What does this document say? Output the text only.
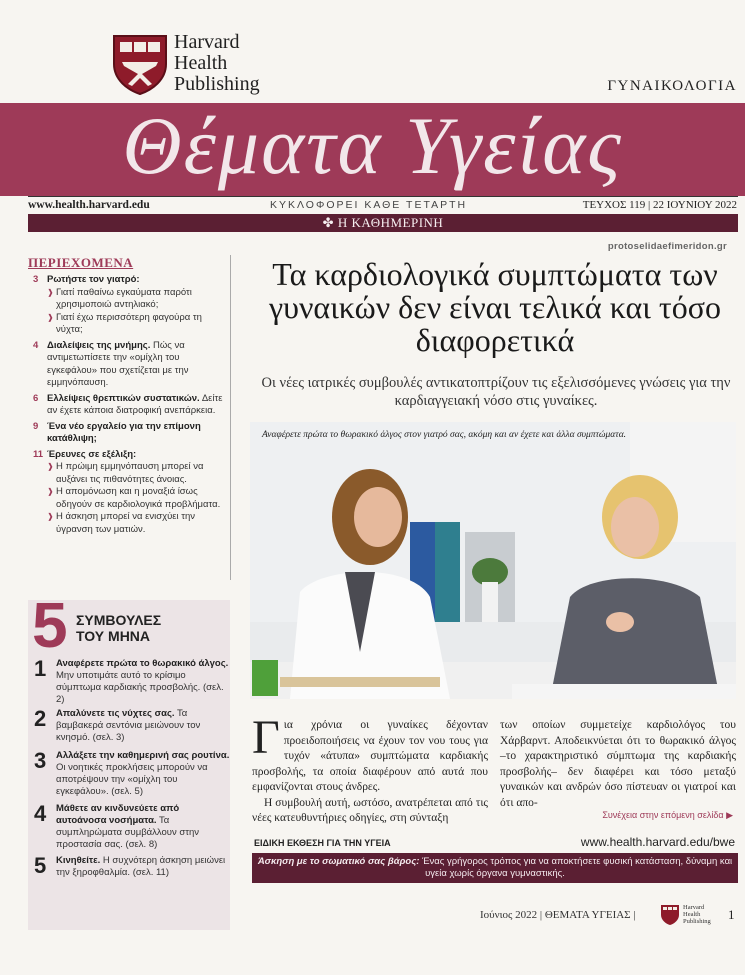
Harvard
Health
Publishing	ΓΥΝΑΙΚΟΛΟΓΙΑ
Θέματα Υγείας
www.health.harvard.edu	ΚΥΚΛΟΦΟΡΕΙ ΚΑΘΕ ΤΕΤΑΡΤΗ	ΤΕΥΧΟΣ 119 | 22 ΙΟΥΝΙΟΥ 2022
✤ Η ΚΑΘΗΜΕΡΙΝΗ
protoselidaefimeridon.gr
ΠΕΡΙΕΧΟΜΕΝΑ
3 Ρωτήστε τον γιατρό:
❱ Γιατί παθαίνω εγκαύματα παρότι χρησιμοποιώ αντηλιακό;
❱ Γιατί έχω περισσότερη φαγούρα τη νύχτα;
4 Διαλείψεις της μνήμης. Πώς να αντιμετωπίσετε την «ομίχλη του εγκεφάλου» που σχετίζεται με την εμμηνόπαυση.
6 Ελλείψεις θρεπτικών συστατικών. Δείτε αν έχετε κάποια διατροφική ανεπάρκεια.
9 Ένα νέο εργαλείο για την επίμονη κατάθλιψη;
11 Έρευνες σε εξέλιξη:
❱ Η πρώιμη εμμηνόπαυση μπορεί να αυξάνει τις πιθανότητες άνοιας.
❱ Η απομόνωση και η μοναξιά ίσως οδηγούν σε καρδιολογικά προβλήματα.
❱ Η άσκηση μπορεί να ενισχύει την ύγρανση των ματιών.
5 ΣΥΜΒΟΥΛΕΣ
ΤΟΥ ΜΗΝΑ
1	Αναφέρετε πρώτα το θωρακικό άλγος. Μην υποτιμάτε αυτό το κρίσιμο σύμπτωμα καρδιακής προσβολής. (σελ. 2)
2	Απαλύνετε τις νύχτες σας. Τα βαμβακερά σεντόνια μειώνουν τον κνησμό. (σελ. 3)
3	Αλλάξετε την καθημερινή σας ρουτίνα. Οι νοητικές προκλήσεις μπορούν να αποτρέψουν την «ομίχλη του εγκεφάλου». (σελ. 5)
4	Μάθετε αν κινδυνεύετε από αυτοάνοσα νοσήματα. Τα συμπληρώματα συμβάλλουν στην προστασία σας. (σελ. 8)
5	Κινηθείτε. Η συχνότερη άσκηση μειώνει την ξηροφθαλμία. (σελ. 11)
Τα καρδιολογικά συμπτώματα των γυναικών δεν είναι τελικά και τόσο διαφορετικά
Οι νέες ιατρικές συμβουλές αντικατοπτρίζουν τις εξελισσόμενες γνώσεις για την καρδιαγγειακή νόσο στις γυναίκες.
Αναφέρετε πρώτα το θωρακικό άλγος στον γιατρό σας, ακόμη και αν έχετε και άλλα συμπτώματα.
Για χρόνια οι γυναίκες δέχονταν προειδοποιήσεις να έχουν τον νου τους για τυχόν «άτυπα» συμπτώματα καρδιακής προσβολής, τα οποία διαφέρουν από αυτά που εμφανίζονται στους άνδρες.
Η συμβουλή αυτή, ωστόσο, ανατρέπεται από τις νέες κατευθυντήριες οδηγίες, στη σύνταξη
των οποίων συμμετείχε καρδιολόγος του Χάρβαρντ. Αποδεικνύεται ότι το θωρακικό άλγος –το χαρακτηριστικό σύμπτωμα της καρδιακής προσβολής– δεν διαφέρει και τόσο μεταξύ γυναικών και ανδρών όσο πίστευαν οι γιατροί και ότι απο-
Συνέχεια στην επόμενη σελίδα ▶
ΕΙΔΙΚΗ ΕΚΘΕΣΗ ΓΙΑ ΤΗΝ ΥΓΕΙΑ	www.health.harvard.edu/bwe
Άσκηση με το σωματικό σας βάρος: Ένας γρήγορος τρόπος για να αποκτήσετε φυσική κατάσταση, δύναμη και υγεία χωρίς όργανα γυμναστικής.
Ιούνιος 2022 | ΘΕΜΑΤΑ ΥΓΕΙΑΣ |
Harvard
Health
Publishing 1
